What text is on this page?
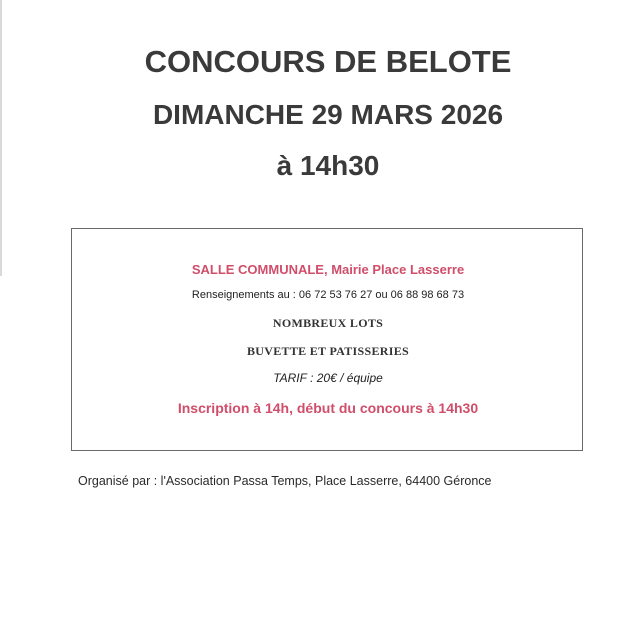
CONCOURS DE BELOTE
DIMANCHE 29 MARS 2026
à 14h30
SALLE COMMUNALE, Mairie Place Lasserre
Renseignements au : 06 72 53 76 27 ou 06 88 98 68 73
NOMBREUX LOTS
BUVETTE ET PATISSERIES
TARIF : 20€ / équipe
Inscription à 14h, début du concours à 14h30
Organisé par : l'Association Passa Temps, Place Lasserre, 64400 Géronce
